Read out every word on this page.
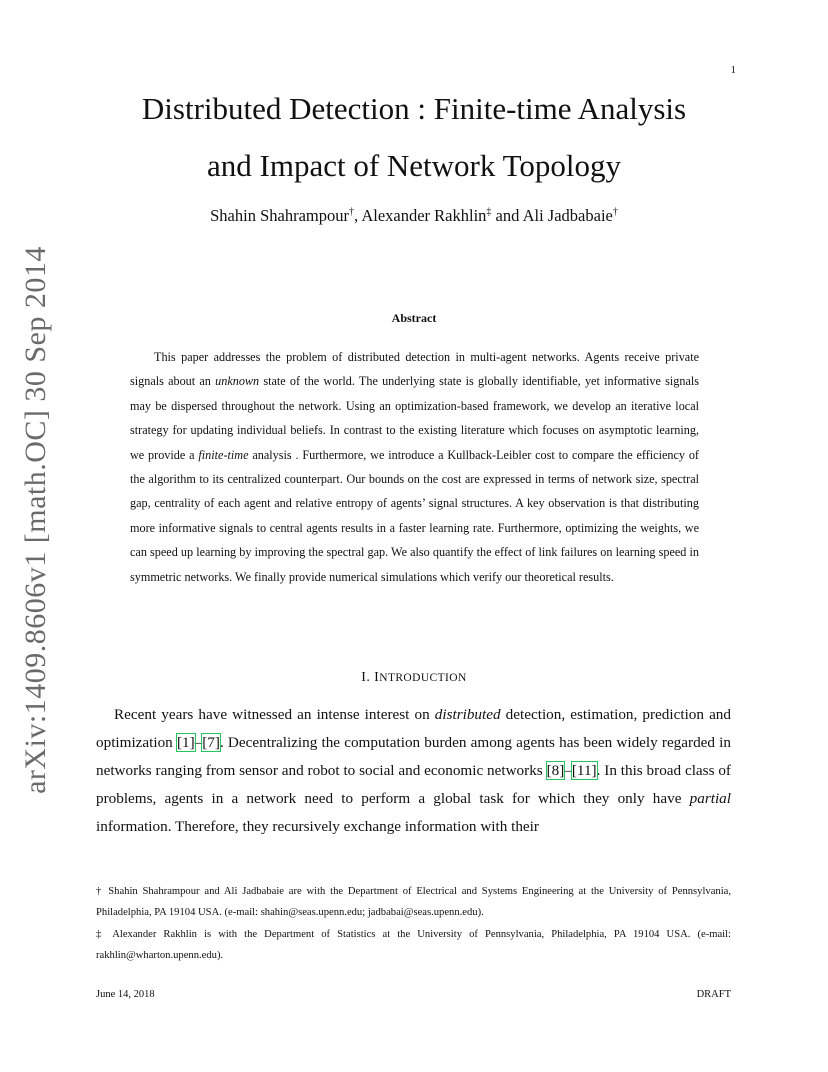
1
arXiv:1409.8606v1 [math.OC] 30 Sep 2014
Distributed Detection : Finite-time Analysis
and Impact of Network Topology
Shahin Shahrampour†, Alexander Rakhlin‡ and Ali Jadbabaie†
Abstract

This paper addresses the problem of distributed detection in multi-agent networks. Agents receive private signals about an unknown state of the world. The underlying state is globally identifiable, yet informative signals may be dispersed throughout the network. Using an optimization-based framework, we develop an iterative local strategy for updating individual beliefs. In contrast to the existing literature which focuses on asymptotic learning, we provide a finite-time analysis . Furthermore, we introduce a Kullback-Leibler cost to compare the efficiency of the algorithm to its centralized counterpart. Our bounds on the cost are expressed in terms of network size, spectral gap, centrality of each agent and relative entropy of agents’ signal structures. A key observation is that distributing more informative signals to central agents results in a faster learning rate. Furthermore, optimizing the weights, we can speed up learning by improving the spectral gap. We also quantify the effect of link failures on learning speed in symmetric networks. We finally provide numerical simulations which verify our theoretical results.

I. INTRODUCTION

Recent years have witnessed an intense interest on distributed detection, estimation, prediction and optimization [1]–[7]. Decentralizing the computation burden among agents has been widely regarded in networks ranging from sensor and robot to social and economic networks [8]–[11]. In this broad class of problems, agents in a network need to perform a global task for which they only have partial information. Therefore, they recursively exchange information with their

† Shahin Shahrampour and Ali Jadbabaie are with the Department of Electrical and Systems Engineering at the University of Pennsylvania, Philadelphia, PA 19104 USA. (e-mail: shahin@seas.upenn.edu; jadbabai@seas.upenn.edu).

‡ Alexander Rakhlin is with the Department of Statistics at the University of Pennsylvania, Philadelphia, PA 19104 USA. (e-mail: rakhlin@wharton.upenn.edu).

June 14, 2018	DRAFT
